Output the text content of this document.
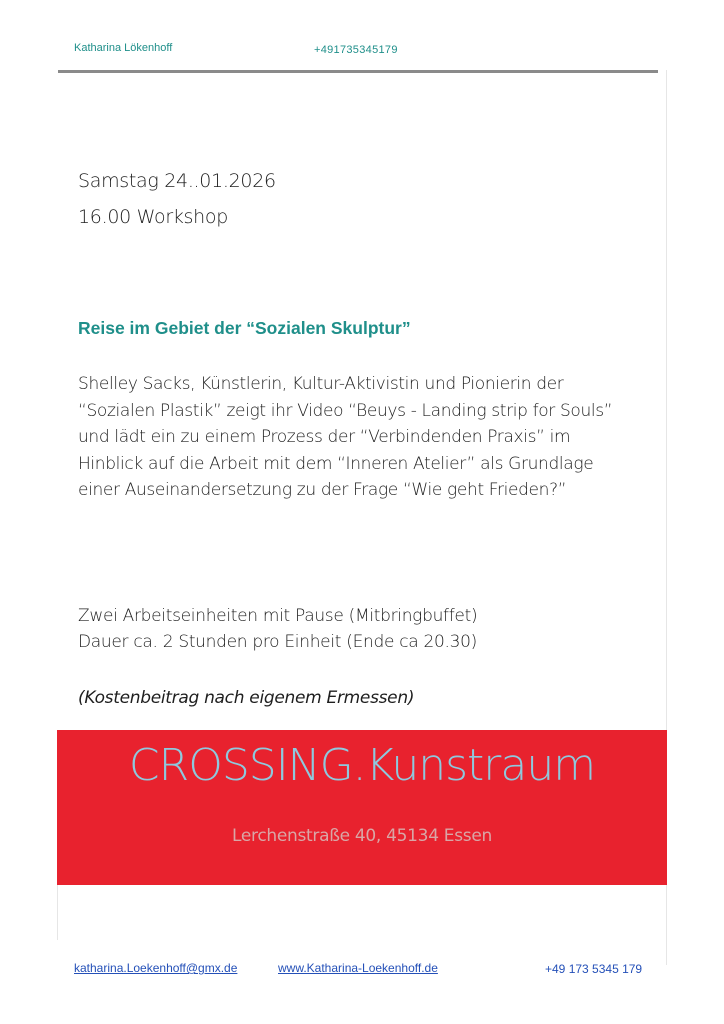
Katharina Lökenhoff	+491735345179
Samstag 24..01.2026
16.00 Workshop
Reise im Gebiet der “Sozialen Skulptur”
Shelley Sacks, Künstlerin, Kultur-Aktivistin und Pionierin der
“Sozialen Plastik” zeigt ihr Video “Beuys - Landing strip for Souls”
und lädt ein zu einem Prozess der “Verbindenden Praxis” im
Hinblick auf die Arbeit mit dem “Inneren Atelier” als Grundlage
einer Auseinandersetzung zu der Frage “Wie geht Frieden?”
Zwei Arbeitseinheiten mit Pause (Mitbringbuffet)
Dauer ca. 2 Stunden pro Einheit (Ende ca 20.30)
(Kostenbeitrag nach eigenem Ermessen)
CROSSING.Kunstraum
Lerchenstraße 40, 45134 Essen
katharina.Loekenhoff@gmx.de	www.Katharina-Loekenhoff.de	+49 173 5345 179
